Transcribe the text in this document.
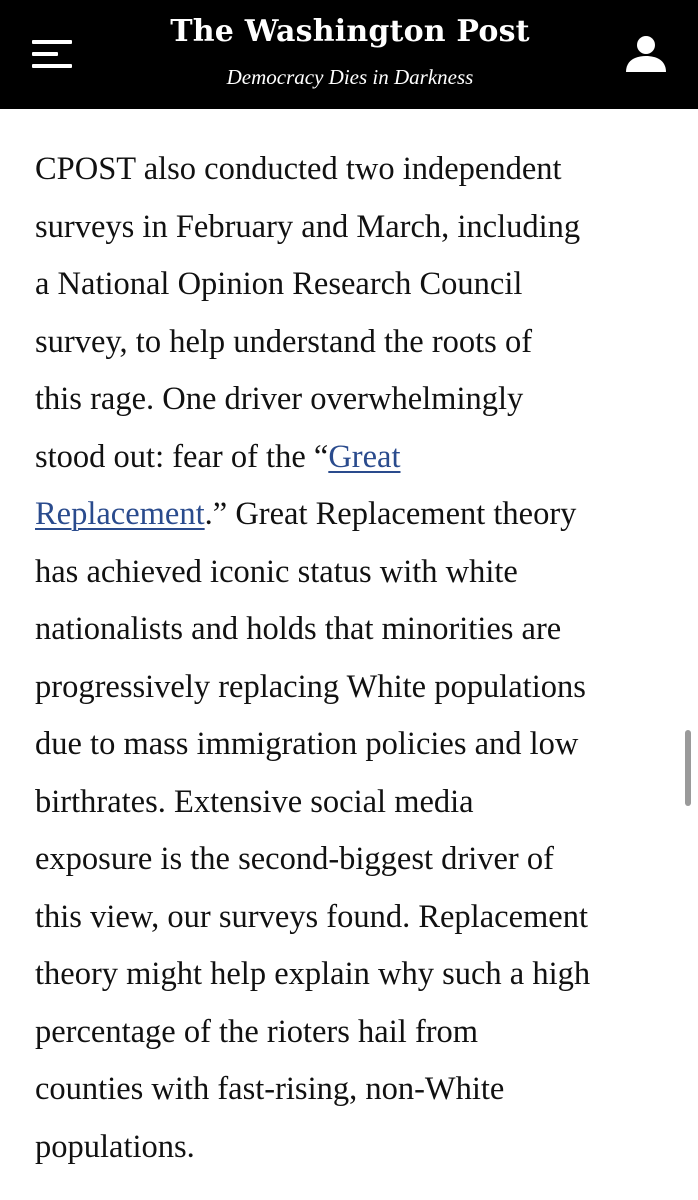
The Washington Post
Democracy Dies in Darkness

CPOST also conducted two independent
surveys in February and March, including
a National Opinion Research Council
survey, to help understand the roots of
this rage. One driver overwhelmingly
stood out: fear of the “Great
Replacement.” Great Replacement theory
has achieved iconic status with white
nationalists and holds that minorities are
progressively replacing White populations
due to mass immigration policies and low
birthrates. Extensive social media
exposure is the second-biggest driver of
this view, our surveys found. Replacement
theory might help explain why such a high
percentage of the rioters hail from
counties with fast-rising, non-White
populations.
